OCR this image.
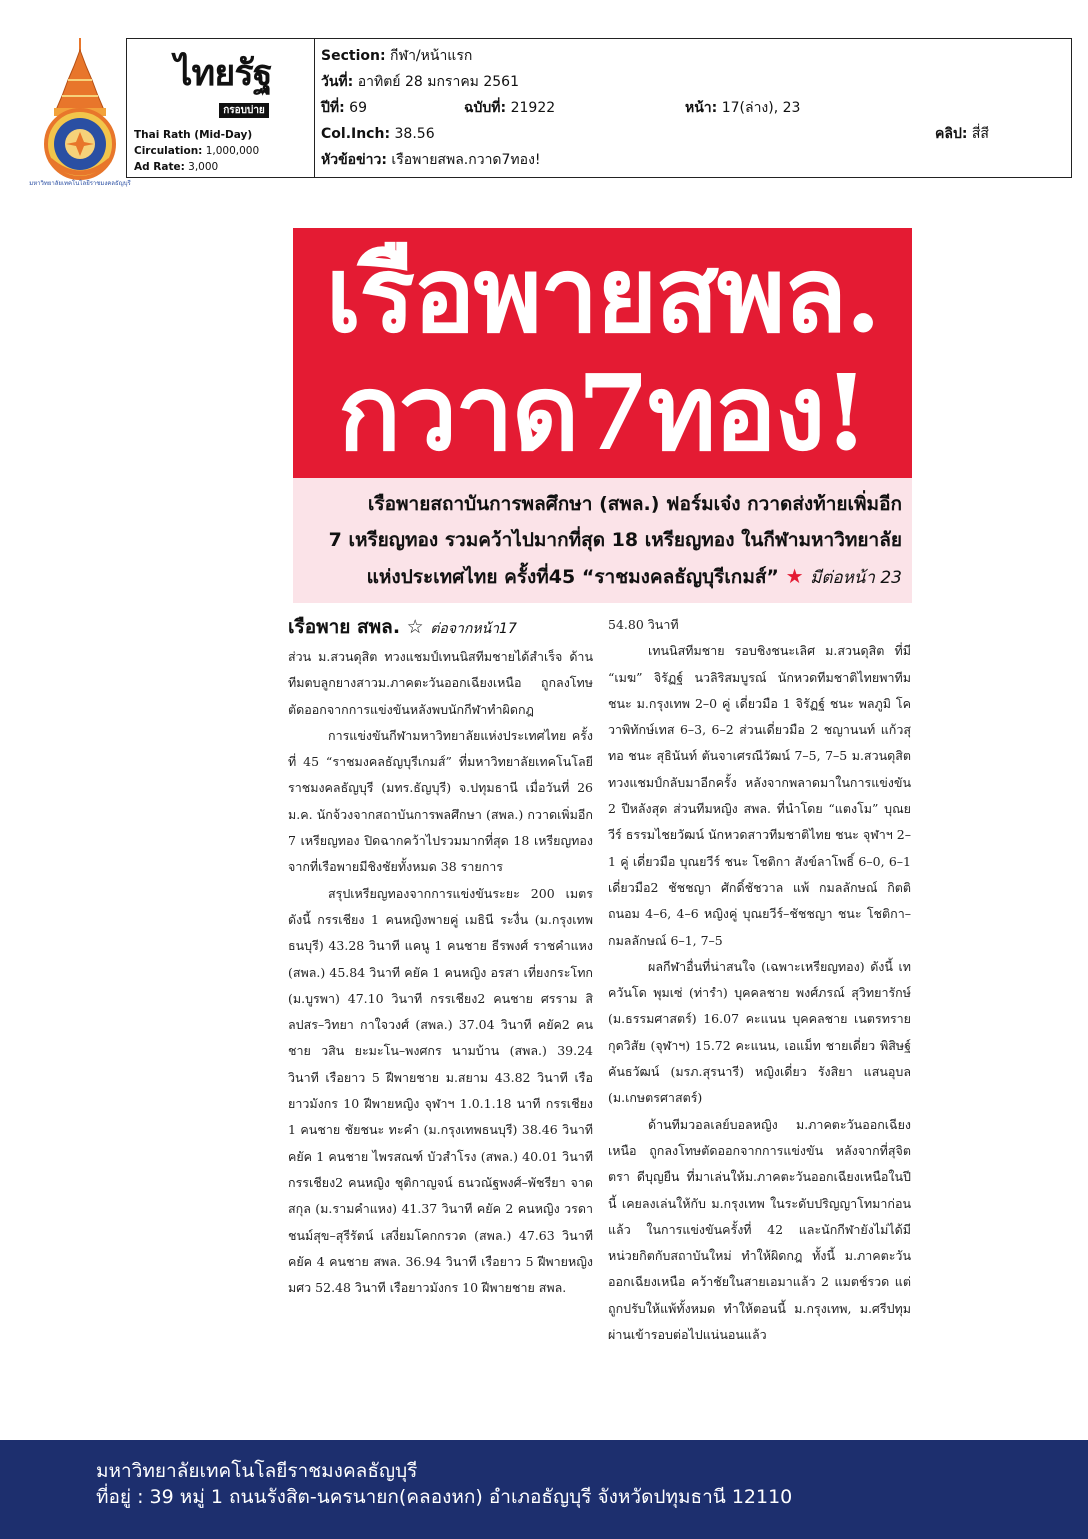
มหาวิทยาลัยเทคโนโลยีราชมงคลธัญบุรี
ไทยรัฐ
กรอบบ่าย
Thai Rath (Mid-Day)
Circulation: 1,000,000
Ad Rate: 3,000
Section: กีฬา/หน้าแรก
วันที่: อาทิตย์ 28 มกราคม 2561
ปีที่: 69	ฉบับที่: 21922	หน้า: 17(ล่าง), 23
Col.Inch: 38.56	คลิป: สี่สี
หัวข้อข่าว: เรือพายสพล.กวาด7ทอง!
เรือพายสพล.
กวาด7ทอง!
เรือพายสถาบันการพลศึกษา (สพล.) ฟอร์มเจ๋ง กวาดส่งท้ายเพิ่มอีก
7 เหรียญทอง รวมคว้าไปมากที่สุด 18 เหรียญทอง ในกีฬามหาวิทยาลัย
แห่งประเทศไทย ครั้งที่45 “ราชมงคลธัญบุรีเกมส์” ★ มีต่อหน้า 23
เรือพาย สพล. ☆ ต่อจากหน้า17

ส่วน ม.สวนดุสิต ทวงแชมป์เทนนิสทีมชายได้สำเร็จ ด้านทีมตบลูกยางสาวม.ภาคตะวันออกเฉียงเหนือ ถูกลงโทษตัดออกจากการแข่งขันหลังพบนักกีฬาทำผิดกฎ

การแข่งขันกีฬามหาวิทยาลัยแห่งประเทศไทย ครั้งที่ 45 “ราชมงคลธัญบุรีเกมส์” ที่มหาวิทยาลัยเทคโนโลยีราชมงคลธัญบุรี (มทร.ธัญบุรี) จ.ปทุมธานี เมื่อวันที่ 26 ม.ค. นักจ้วงจากสถาบันการพลศึกษา (สพล.) กวาดเพิ่มอีก 7 เหรียญทอง ปิดฉากคว้าไปรวมมากที่สุด 18 เหรียญทอง จากที่เรือพายมีชิงชัยทั้งหมด 38 รายการ

สรุปเหรียญทองจากการแข่งขันระยะ 200 เมตร ดังนี้ กรรเชียง 1 คนหญิงพายคู่ เมธินี ระงื่น (ม.กรุงเทพธนบุรี) 43.28 วินาที แคนู 1 คนชาย ธีรพงศ์ ราชคำแหง (สพล.) 45.84 วินาที คยัค 1 คนหญิง อรสา เที่ยงกระโทก (ม.บูรพา) 47.10 วินาที กรรเชียง2 คนชาย ศรราม สิลปสร–วิทยา กาใจวงศ์ (สพล.) 37.04 วินาที คยัค2 คนชาย วสิน ยะมะโน–พงศกร นามบ้าน (สพล.) 39.24 วินาที เรือยาว 5 ฝีพายชาย ม.สยาม 43.82 วินาที เรือยาวมังกร 10 ฝีพายหญิง จุฬาฯ 1.0.1.18 นาที กรรเชียง 1 คนชาย ชัยชนะ ทะคำ (ม.กรุงเทพธนบุรี) 38.46 วินาที คยัค 1 คนชาย ไพรสณฑ์ บัวสำโรง (สพล.) 40.01 วินาที กรรเชียง2 คนหญิง ชุติกาญจน์ ธนวณัฐพงศ์–พัชรียา จาดสกุล (ม.รามคำแหง) 41.37 วินาที คยัค 2 คนหญิง วรดา ชนม์สุข–สุรีรัตน์ เสงี่ยมโคกกรวด (สพล.) 47.63 วินาที คยัค 4 คนชาย สพล. 36.94 วินาที เรือยาว 5 ฝีพายหญิง มศว 52.48 วินาที เรือยาวมังกร 10 ฝีพายชาย สพล.

54.80 วินาที

เทนนิสทีมชาย รอบชิงชนะเลิศ ม.สวนดุสิต ที่มี “เมฆ” จิรัฏฐ์ นวลิริสมบูรณ์ นักหวดทีมชาติไทยพาทีมชนะ ม.กรุงเทพ 2–0 คู่ เดี่ยวมือ 1 จิรัฏฐ์ ชนะ พลภูมิ โควาพิทักษ์เทส 6–3, 6–2 ส่วนเดี่ยวมือ 2 ชญานนท์ แก้วสุทอ ชนะ สุธินันท์ ตันจาเศรณีวัฒน์ 7–5, 7–5 ม.สวนดุสิต ทวงแชมป์กลับมาอีกครั้ง หลังจากพลาดมาในการแข่งขัน 2 ปีหลังสุด ส่วนทีมหญิง สพล. ที่นำโดย “แตงโม” บุณยวีร์ ธรรมไชยวัฒน์ นักหวดสาวทีมชาติไทย ชนะ จุฬาฯ 2–1 คู่ เดี่ยวมือ บุณยวีร์ ชนะ โชติกา สังข์ลาโพธิ์ 6–0, 6–1 เดี่ยวมือ2 ชัชชญา ศักดิ์ชัชวาล แพ้ กมลลักษณ์ กิตติถนอม 4–6, 4–6 หญิงคู่ บุณยวีร์–ชัชชญา ชนะ โชติกา–กมลลักษณ์ 6–1, 7–5

ผลกีฬาอื่นที่น่าสนใจ (เฉพาะเหรียญทอง) ดังนี้ เทควันโด พุมเซ่ (ท่ารำ) บุคคลชาย พงศ์ภรณ์ สุวิทยารักษ์ (ม.ธรรมศาสตร์) 16.07 คะแนน บุคคลชาย เนตรทราย กุดวิสัย (จุฬาฯ) 15.72 คะแนน, เอแม็ท ชายเดี่ยว พิสิษฐ์ คันธวัฒน์ (มรภ.สุรนารี) หญิงเดี่ยว รังสิยา แสนอุบล (ม.เกษตรศาสตร์)

ด้านทีมวอลเลย์บอลหญิง ม.ภาคตะวันออกเฉียงเหนือ ถูกลงโทษตัดออกจากการแข่งขัน หลังจากที่สุจิตตรา ดีบุญยืน ที่มาเล่นให้ม.ภาคตะวันออกเฉียงเหนือในปีนี้ เคยลงเล่นให้กับ ม.กรุงเทพ ในระดับปริญญาโทมาก่อนแล้ว ในการแข่งขันครั้งที่ 42 และนักกีฬายังไม่ได้มีหน่วยกิตกับสถาบันใหม่ ทำให้ผิดกฎ ทั้งนี้ ม.ภาคตะวันออกเฉียงเหนือ คว้าชัยในสายเอมาแล้ว 2 แมตช์รวด แต่ถูกปรับให้แพ้ทั้งหมด ทำให้ตอนนี้ ม.กรุงเทพ, ม.ศรีปทุม ผ่านเข้ารอบต่อไปแน่นอนแล้ว

มหาวิทยาลัยเทคโนโลยีราชมงคลธัญบุรี
ที่อยู่ : 39 หมู่ 1 ถนนรังสิต-นครนายก(คลองหก) อำเภอธัญบุรี จังหวัดปทุมธานี 12110
